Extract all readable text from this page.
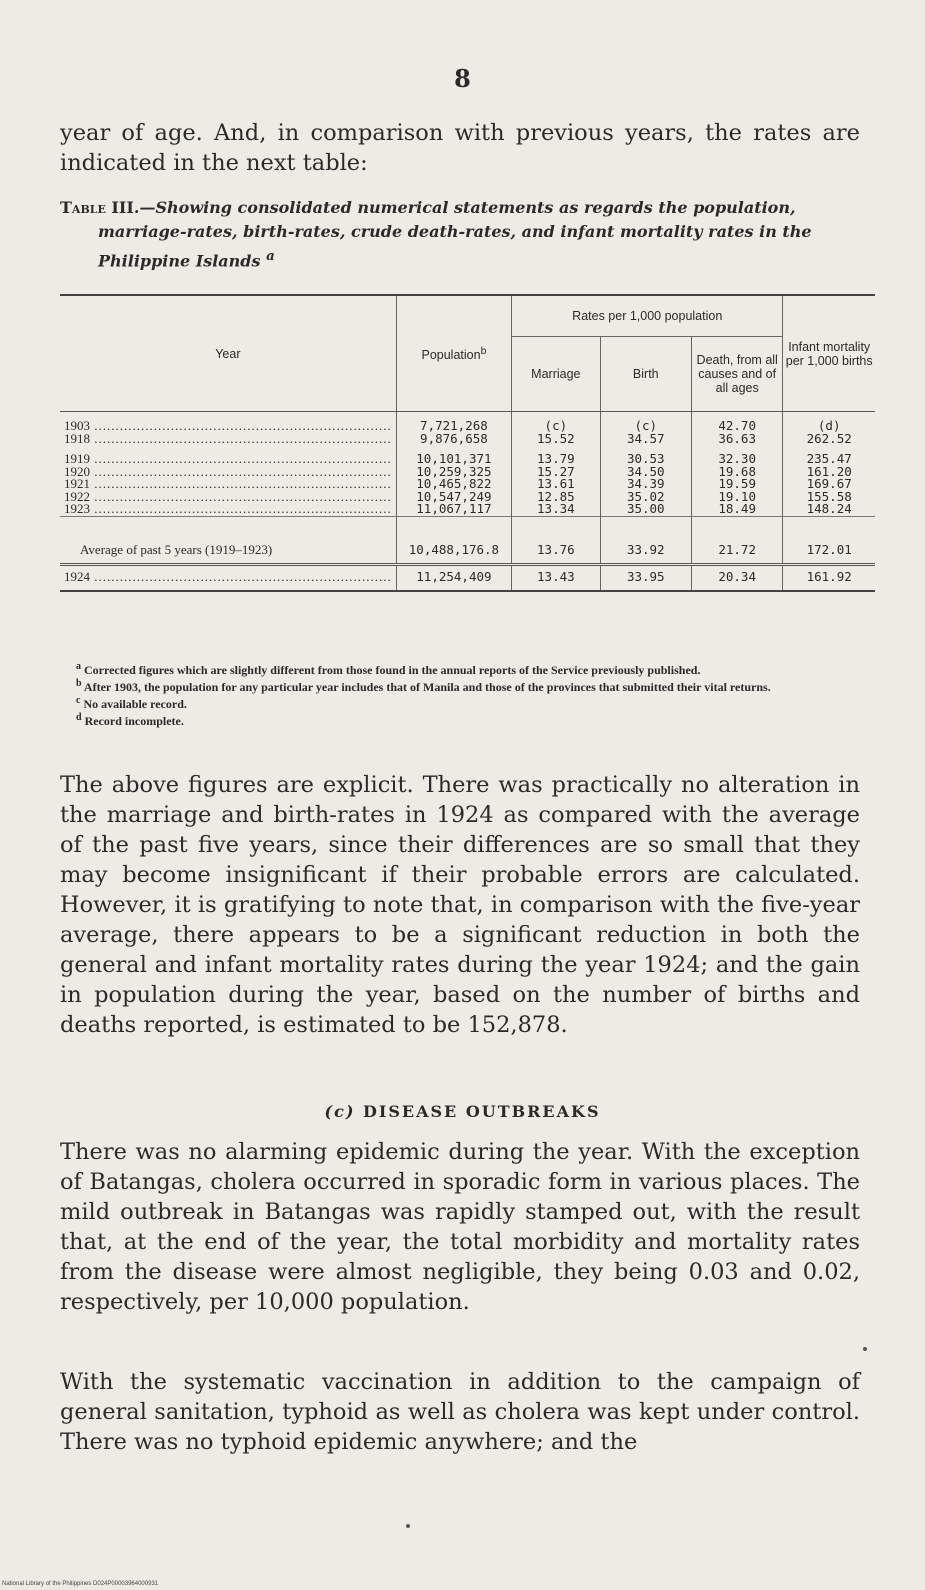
8

year of age. And, in comparison with previous years, the rates are indicated in the next table:

Table III.—Showing consolidated numerical statements as regards the population, marriage-rates, birth-rates, crude death-rates, and infant mortality rates in the Philippine Islands $^a$
Year	Population$^b$	Rates per 1,000 population			Infant mortality per 1,000 births
		Marriage	Birth	Death, from all causes and of all ages	

1903 .....	7,721,268	(c)	(c)	42.70	(d)
1918 .....	9,876,658	15.52	34.57	36.63	262.52

1919 .....	10,101,371	13.79	30.53	32.30	235.47
1920 .....	10,259,325	15.27	34.50	19.68	161.20
1921 .....	10,465,822	13.61	34.39	19.59	169.67
1922 .....	10,547,249	12.85	35.02	19.10	155.58
1923 .....	11,067,117	13.34	35.00	18.49	148.24
Average of past 5 years (1919–1923)	10,488,176.8	13.76	33.92	21.72	172.01
1924 .....	11,254,409	13.43	33.95	20.34	161.92

$^a$ Corrected figures which are slightly different from those found in the annual reports of the Service previously published.

$^b$ After 1903, the population for any particular year includes that of Manila and those of the provinces that submitted their vital returns.

$^c$ No available record.

$^d$ Record incomplete.

The above figures are explicit. There was practically no alteration in the marriage and birth-rates in 1924 as compared with the average of the past five years, since their differences are so small that they may become insignificant if their probable errors are calculated. However, it is gratifying to note that, in comparison with the five-year average, there appears to be a significant reduction in both the general and infant mortality rates during the year 1924; and the gain in population during the year, based on the number of births and deaths reported, is estimated to be 152,878.

(c) DISEASE OUTBREAKS

There was no alarming epidemic during the year. With the exception of Batangas, cholera occurred in sporadic form in various places. The mild outbreak in Batangas was rapidly stamped out, with the result that, at the end of the year, the total morbidity and mortality rates from the disease were almost negligible, they being 0.03 and 0.02, respectively, per 10,000 population.

With the systematic vaccination in addition to the campaign of general sanitation, typhoid as well as cholera was kept under control. There was no typhoid epidemic anywhere; and the

National Library of the Philippines D024P00003964000931
